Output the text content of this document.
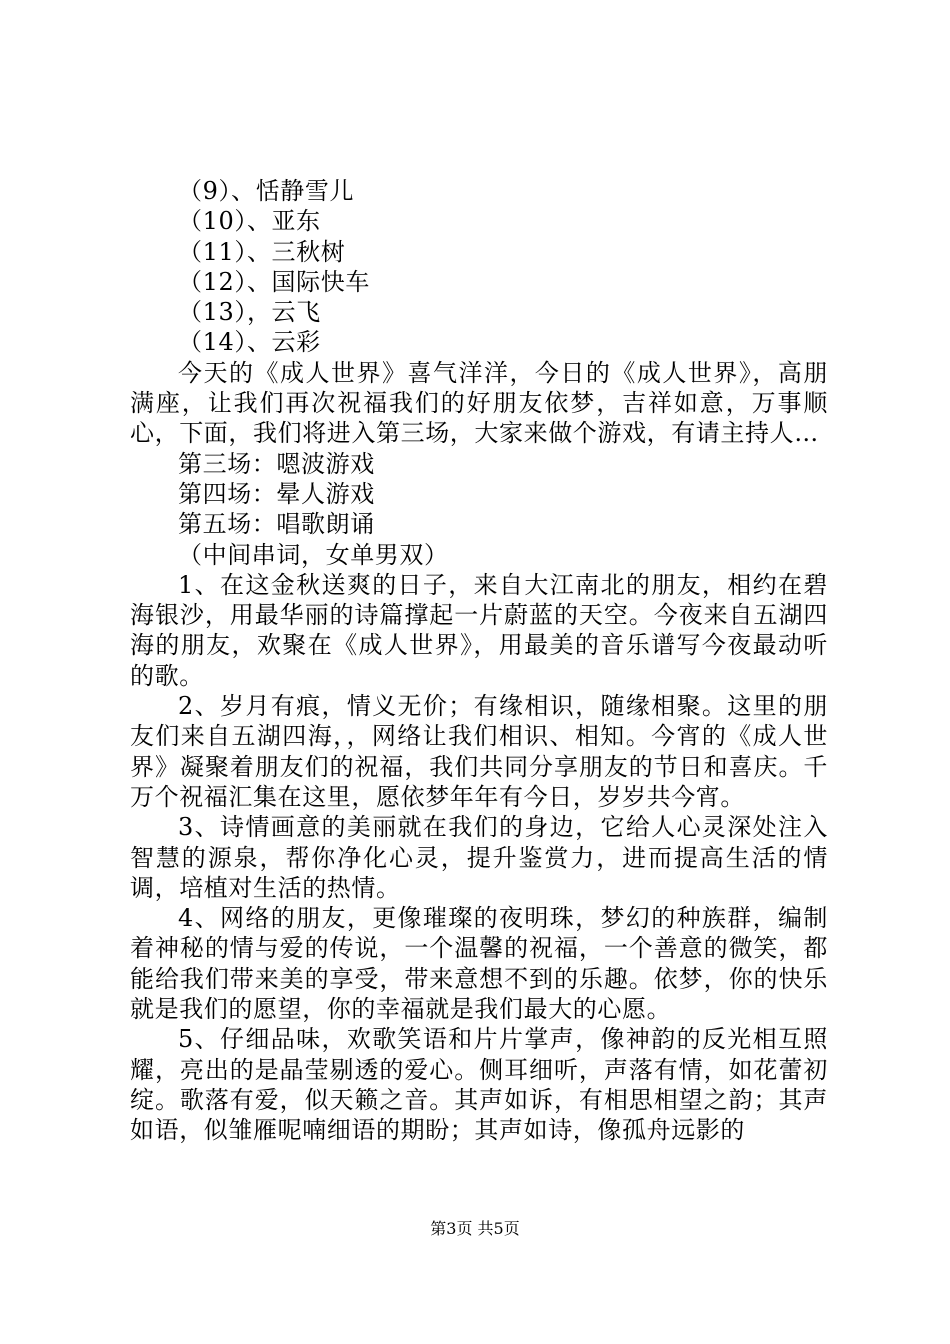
（9）、恬静雪儿
（10）、亚东
（11）、三秋树
（12）、国际快车
（13），云飞
（14）、云彩

今天的《成人世界》喜气洋洋，今日的《成人世界》，高朋满座，让我们再次祝福我们的好朋友依梦，吉祥如意，万事顺心，下面，我们将进入第三场，大家来做个游戏，有请主持人…

第三场：嗯波游戏
第四场：晕人游戏
第五场：唱歌朗诵
（中间串词，女单男双）

1、在这金秋送爽的日子，来自大江南北的朋友，相约在碧海银沙，用最华丽的诗篇撑起一片蔚蓝的天空。今夜来自五湖四海的朋友，欢聚在《成人世界》，用最美的音乐谱写今夜最动听的歌。

2、岁月有痕，情义无价；有缘相识，随缘相聚。这里的朋友们来自五湖四海，，网络让我们相识、相知。今宵的《成人世界》凝聚着朋友们的祝福，我们共同分享朋友的节日和喜庆。千万个祝福汇集在这里，愿依梦年年有今日，岁岁共今宵。

3、诗情画意的美丽就在我们的身边，它给人心灵深处注入智慧的源泉，帮你净化心灵，提升鉴赏力，进而提高生活的情调，培植对生活的热情。

4、网络的朋友，更像璀璨的夜明珠，梦幻的种族群，编制着神秘的情与爱的传说，一个温馨的祝福，一个善意的微笑，都能给我们带来美的享受，带来意想不到的乐趣。依梦，你的快乐就是我们的愿望，你的幸福就是我们最大的心愿。

5、仔细品味，欢歌笑语和片片掌声，像神韵的反光相互照耀，亮出的是晶莹剔透的爱心。侧耳细听，声落有情，如花蕾初绽。歌落有爱，似天籁之音。其声如诉，有相思相望之韵；其声如语，似雏雁呢喃细语的期盼；其声如诗，像孤舟远影的

第3页 共5页
